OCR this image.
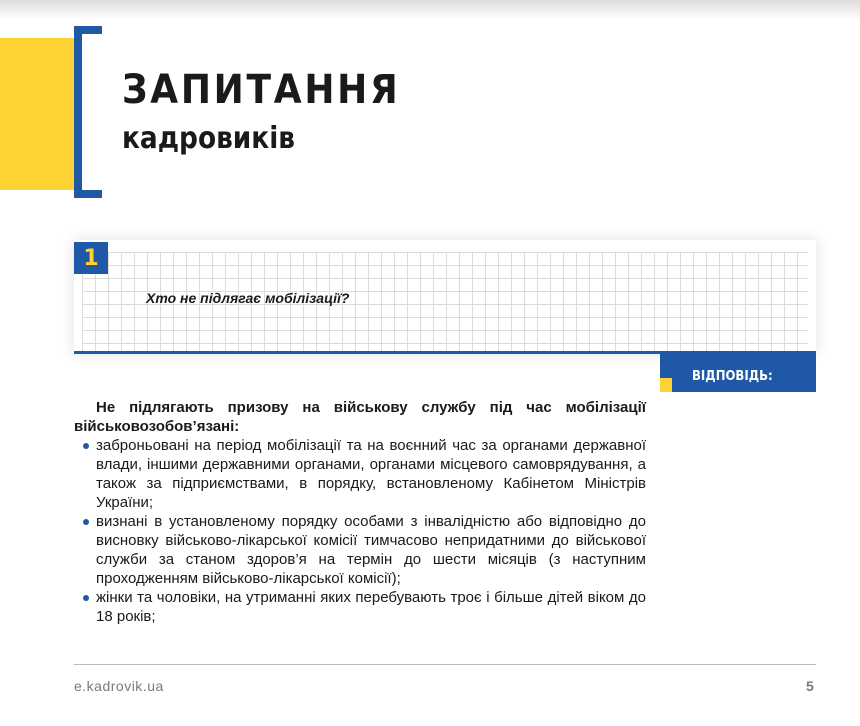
ЗАПИТАННЯ
кадровиків
1
Хто не підлягає мобілізації?
ВІДПОВІДЬ:

Не підлягають призову на військову службу під час мобілізації військовозобов’язані:

заброньовані на період мобілізації та на воєнний час за органами державної влади, іншими державними органами, органами місцевого самоврядування, а також за підприємствами, в порядку, встановленому Кабінетом Міністрів України;
визнані в установленому порядку особами з інвалідністю або відповідно до висновку військово-лікарської комісії тимчасово непридатними до військової служби за станом здоров’я на термін до шести місяців (з наступним проходженням військово-лікарської комісії);
жінки та чоловіки, на утриманні яких перебувають троє і більше дітей віком до 18 років;
e.kadrovik.ua	5
